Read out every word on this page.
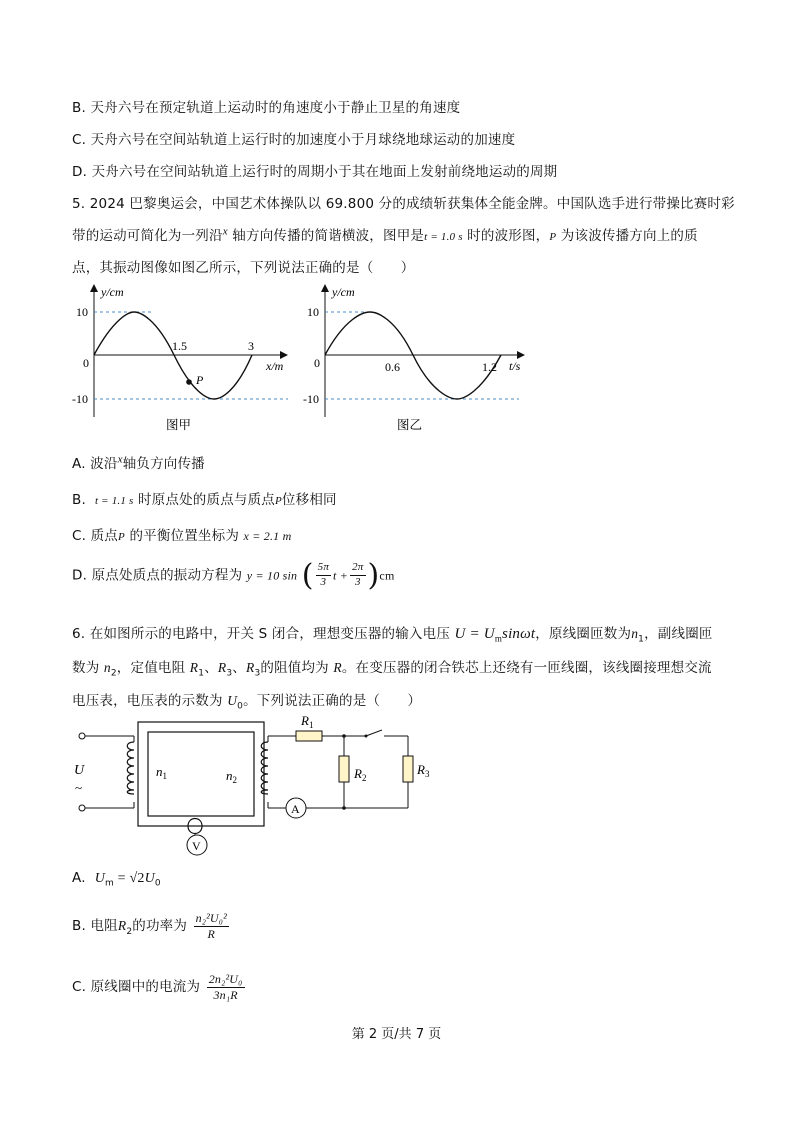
B. 天舟六号在预定轨道上运动时的角速度小于静止卫星的角速度
C. 天舟六号在空间站轨道上运行时的加速度小于月球绕地球运动的加速度
D. 天舟六号在空间站轨道上运行时的周期小于其在地面上发射前绕地运动的周期
5. 2024 巴黎奥运会，中国艺术体操队以 69.800 分的成绩斩获集体全能金牌。中国队选手进行带操比赛时彩
带的运动可简化为一列沿$^x$ 轴方向传播的简谐横波，图甲是t = 1.0 s 时的波形图，P 为该波传播方向上的质
点，其振动图像如图乙所示，下列说法正确的是（　　）
y/cm
10
-10
0
1.5	3
P
x/m
图甲
y/cm
10
-10
0	0.6	1.2 t/s
图乙
A. 波沿$^x$轴负方向传播
B. t = 1.1 s 时原点处的质点与质点P位移相同
C. 质点P 的平衡位置坐标为 x = 2.1 m
D. 原点处质点的振动方程为 y = 10 sin ( $\frac{5\pi}{3}$ $t + \frac{2\pi}{3} )cm$
6. 在如图所示的电路中，开关 S 闭合，理想变压器的输入电压 $U = U_m\sin\omega t$，原线圈匝数为$n_1$，副线圈匝
数为 $n_2$，定值电阻 $R_1$、$R_3$、$R_3$的阻值均为 R。在变压器的闭合铁芯上还绕有一匝线圈，该线圈接理想交流
电压表，电压表的示数为 $U_0$。下列说法正确的是（　　）
U
~
$n_1$	$n_2$
V
$R_1$
$R_2$
$R_3$
A
A. $U_m = √2U_0$
B. 电阻$R_2$的功率为 $\frac{\text{n₂²U₀²}}{R}$
C. 原线圈中的电流为 $\frac{\text{2n₂²U₀}}{\text{3n₁R}}$
第 2 页/共 7 页
